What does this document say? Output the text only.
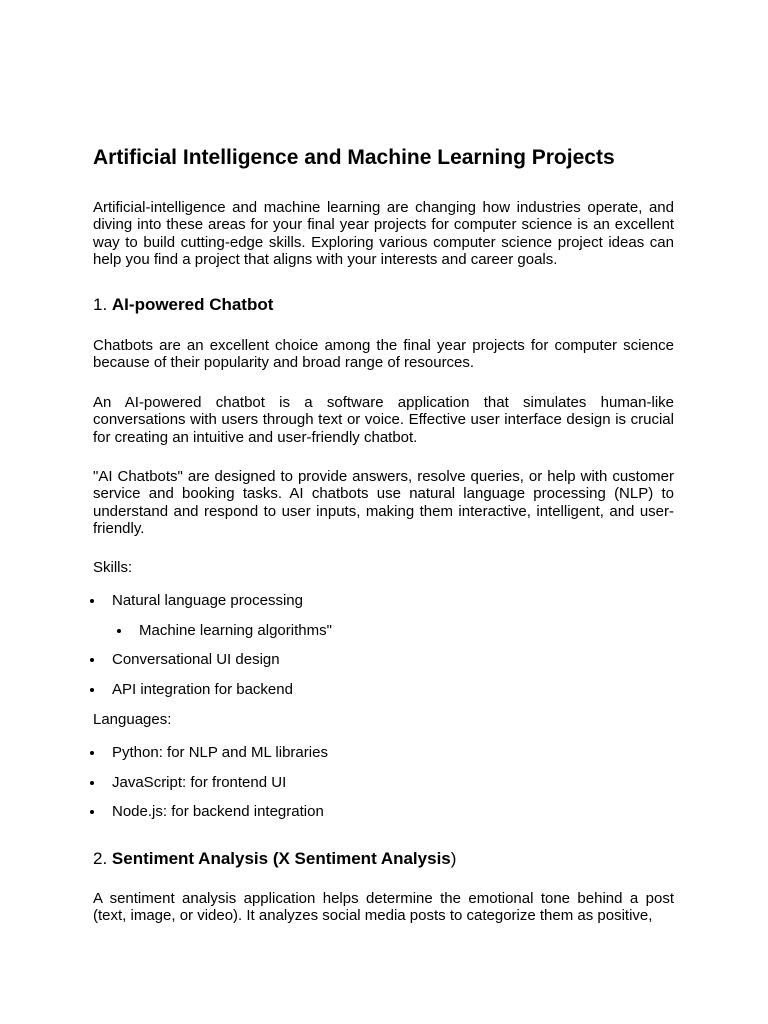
Artificial Intelligence and Machine Learning Projects

Artificial-intelligence and machine learning are changing how industries operate, and diving into these areas for your final year projects for computer science is an excellent way to build cutting-edge skills. Exploring various computer science project ideas can help you find a project that aligns with your interests and career goals.

1. AI-powered Chatbot

Chatbots are an excellent choice among the final year projects for computer science because of their popularity and broad range of resources.

An AI-powered chatbot is a software application that simulates human-like conversations with users through text or voice. Effective user interface design is crucial for creating an intuitive and user-friendly chatbot.

"AI Chatbots" are designed to provide answers, resolve queries, or help with customer service and booking tasks. AI chatbots use natural language processing (NLP) to understand and respond to user inputs, making them interactive, intelligent, and user-friendly.

Skills:

Natural language processing
Machine learning algorithms"
Conversational UI design
API integration for backend

Languages:

Python: for NLP and ML libraries
JavaScript: for frontend UI
Node.js: for backend integration
2. Sentiment Analysis (X Sentiment Analysis)

A sentiment analysis application helps determine the emotional tone behind a post (text, image, or video). It analyzes social media posts to categorize them as positive,
